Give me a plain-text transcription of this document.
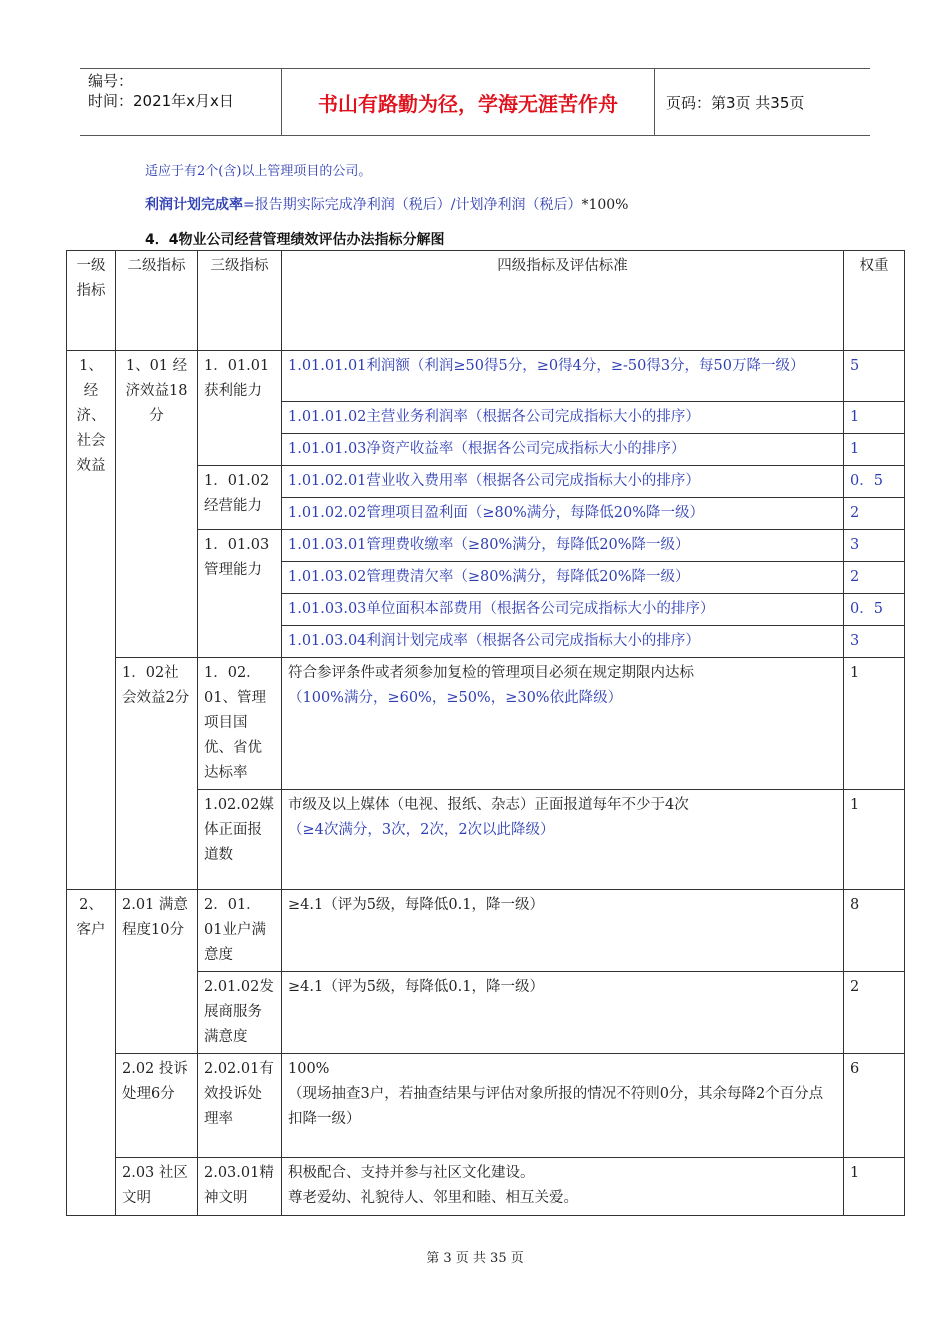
编号：
时间：2021年x月x日	书山有路勤为径，学海无涯苦作舟	页码：第3页 共35页
适应于有2个(含)以上管理项目的公司。
利润计划完成率=报告期实际完成净利润（税后）/计划净利润（税后）*100%
4．4物业公司经营管理绩效评估办法指标分解图
一级指标	二级指标	三级指标	四级指标及评估标准	权重
1、经济、社会效益	1、01 经济效益18分	1．01.01获利能力	1.01.01.01利润额（利润≥50得5分，≥0得4分，≥-50得3分，每50万降一级）	5
			1.01.01.02主营业务利润率（根据各公司完成指标大小的排序）	1
			1.01.01.03净资产收益率（根据各公司完成指标大小的排序）	1
		1．01.02经营能力	1.01.02.01营业收入费用率（根据各公司完成指标大小的排序）	0．5
			1.01.02.02管理项目盈利面（≥80%满分，每降低20%降一级）	2
		1．01.03管理能力	1.01.03.01管理费收缴率（≥80%满分，每降低20%降一级）	3
			1.01.03.02管理费清欠率（≥80%满分，每降低20%降一级）	2
			1.01.03.03单位面积本部费用（根据各公司完成指标大小的排序）	0．5
			1.01.03.04利润计划完成率（根据各公司完成指标大小的排序）	3
	1．02社会效益2分	1．02．01、管理项目国优、省优达标率	符合参评条件或者须参加复检的管理项目必须在规定期限内达标
（100%满分，≥60%，≥50%，≥30%依此降级）	1
		1.02.02媒体正面报道数	市级及以上媒体（电视、报纸、杂志）正面报道每年不少于4次
（≥4次满分，3次，2次，2次以此降级）	1
2、客户	2.01 满意程度10分	2．01．01业户满意度	≥4.1（评为5级，每降低0.1，降一级）	8
		2.01.02发展商服务满意度	≥4.1（评为5级，每降低0.1，降一级）	2
	2.02 投诉处理6分	2.02.01有效投诉处理率	100%
（现场抽查3户，若抽查结果与评估对象所报的情况不符则0分，其余每降2个百分点扣降一级）	6
	2.03 社区文明	2.03.01精神文明	积极配合、支持并参与社区文化建设。
尊老爱幼、礼貌待人、邻里和睦、相互关爱。	1
第 3 页 共 35 页
